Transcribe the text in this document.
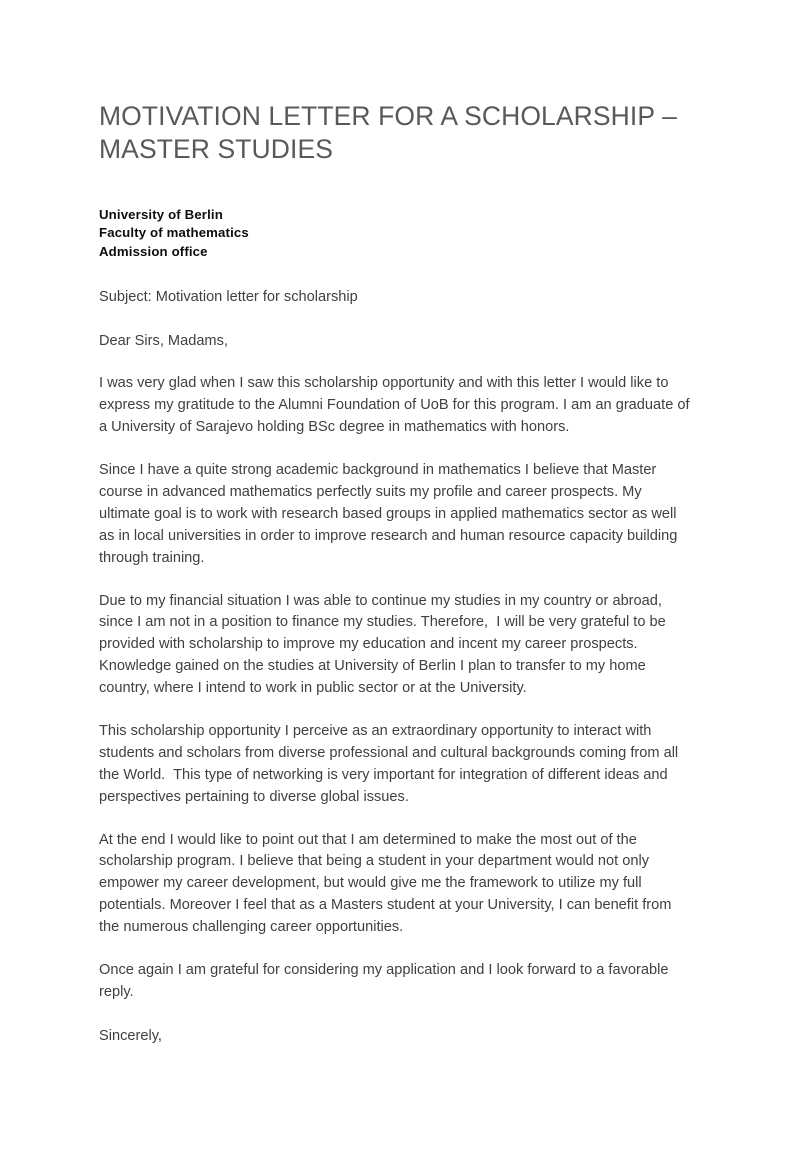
MOTIVATION LETTER FOR A SCHOLARSHIP – MASTER STUDIES
University of Berlin
Faculty of mathematics
Admission office
Subject: Motivation letter for scholarship
Dear Sirs, Madams,

I was very glad when I saw this scholarship opportunity and with this letter I would like to express my gratitude to the Alumni Foundation of UoB for this program. I am an graduate of a University of Sarajevo holding BSc degree in mathematics with honors.

Since I have a quite strong academic background in mathematics I believe that Master course in advanced mathematics perfectly suits my profile and career prospects. My ultimate goal is to work with research based groups in applied mathematics sector as well as in local universities in order to improve research and human resource capacity building through training.

Due to my financial situation I was able to continue my studies in my country or abroad, since I am not in a position to finance my studies. Therefore,  I will be very grateful to be provided with scholarship to improve my education and incent my career prospects. Knowledge gained on the studies at University of Berlin I plan to transfer to my home country, where I intend to work in public sector or at the University.

This scholarship opportunity I perceive as an extraordinary opportunity to interact with students and scholars from diverse professional and cultural backgrounds coming from all the World.  This type of networking is very important for integration of different ideas and perspectives pertaining to diverse global issues.

At the end I would like to point out that I am determined to make the most out of the scholarship program. I believe that being a student in your department would not only empower my career development, but would give me the framework to utilize my full potentials. Moreover I feel that as a Masters student at your University, I can benefit from the numerous challenging career opportunities.

Once again I am grateful for considering my application and I look forward to a favorable reply.

Sincerely,
